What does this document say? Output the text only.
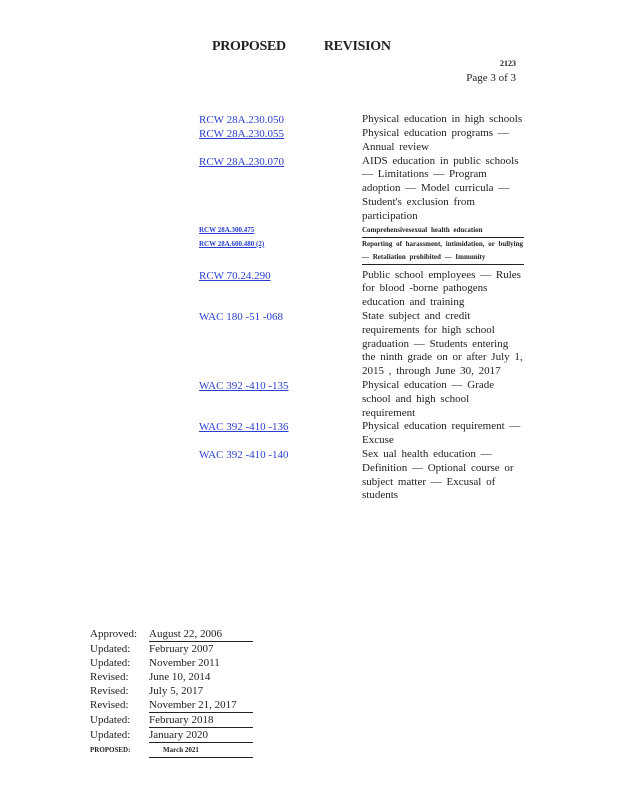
PROPOSED	REVISION
2123
Page 3 of 3
RCW 28A.230.050	Physical education in high schools
RCW 28A.230.055	Physical education programs — Annual review
RCW 28A.230.070	AIDS education in public schools — Limitations — Program adoption — Model curricula — Student's exclusion from participation
RCW 28A.300.475	Comprehensivesexual health education
RCW 28A.600.480 (2)	Reporting of harassment, intimidation, or bullying — Retaliation prohibited — Immunity
RCW 70.24.290	Public school employees — Rules for blood -borne pathogens education and training
WAC 180 -51 -068	State subject and credit requirements for high school graduation — Students entering the ninth grade on or after July 1, 2015 , through June 30, 2017
WAC 392 -410 -135	Physical education — Grade school and high school requirement
WAC 392 -410 -136	Physical education requirement — Excuse
WAC 392 -410 -140	Sex ual health education — Definition — Optional course or subject matter — Excusal of students
Approved:	August 22, 2006
Updated:	February 2007
Updated:	November 2011
Revised:	June 10, 2014
Revised:	July 5, 2017
Revised:	November 21, 2017
Updated:	February 2018
Updated:	January 2020
PROPOSED:	March 2021
